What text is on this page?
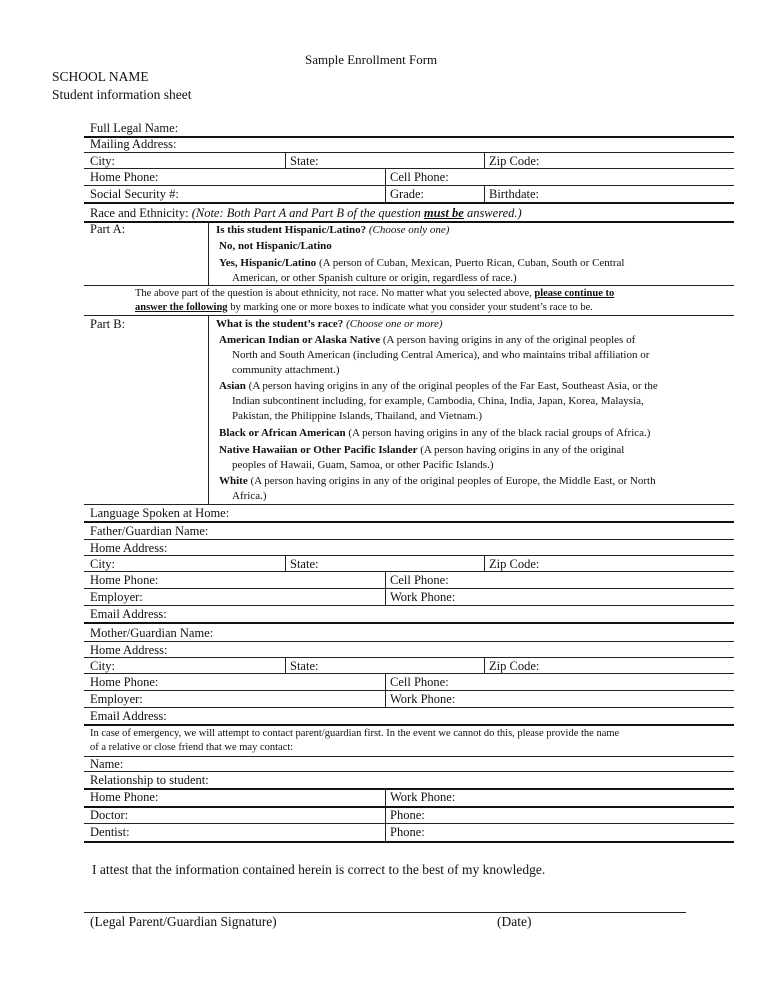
Sample Enrollment Form
SCHOOL NAME
Student information sheet
Full Legal Name:
Mailing Address:
City:	State:	Zip Code:
Home Phone:	Cell Phone:
Social Security #:	Grade:	Birthdate:
Race and Ethnicity: (Note: Both Part A and Part B of the question must be answered.)
Part A:	Is this student Hispanic/Latino? (Choose only one)
No, not Hispanic/Latino
Yes, Hispanic/Latino (A person of Cuban, Mexican, Puerto Rican, Cuban, South or Central
American, or other Spanish culture or origin, regardless of race.)
The above part of the question is about ethnicity, not race. No matter what you selected above, please continue to
answer the following by marking one or more boxes to indicate what you consider your student’s race to be.
Part B:	What is the student’s race? (Choose one or more)
American Indian or Alaska Native (A person having origins in any of the original peoples of
North and South American (including Central America), and who maintains tribal affiliation or
community attachment.)
Asian (A person having origins in any of the original peoples of the Far East, Southeast Asia, or the
Indian subcontinent including, for example, Cambodia, China, India, Japan, Korea, Malaysia,
Pakistan, the Philippine Islands, Thailand, and Vietnam.)
Black or African American (A person having origins in any of the black racial groups of Africa.)
Native Hawaiian or Other Pacific Islander (A person having origins in any of the original
peoples of Hawaii, Guam, Samoa, or other Pacific Islands.)
White (A person having origins in any of the original peoples of Europe, the Middle East, or North
Africa.)
Language Spoken at Home:
Father/Guardian Name:
Home Address:
City:	State:	Zip Code:
Home Phone:	Cell Phone:
Employer:	Work Phone:
Email Address:
Mother/Guardian Name:
Home Address:
City:	State:	Zip Code:
Home Phone:	Cell Phone:
Employer:	Work Phone:
Email Address:
In case of emergency, we will attempt to contact parent/guardian first. In the event we cannot do this, please provide the name
of a relative or close friend that we may contact:
Name:
Relationship to student:
Home Phone:	Work Phone:
Doctor:	Phone:
Dentist:	Phone:
I attest that the information contained herein is correct to the best of my knowledge.
(Legal Parent/Guardian Signature)	(Date)
